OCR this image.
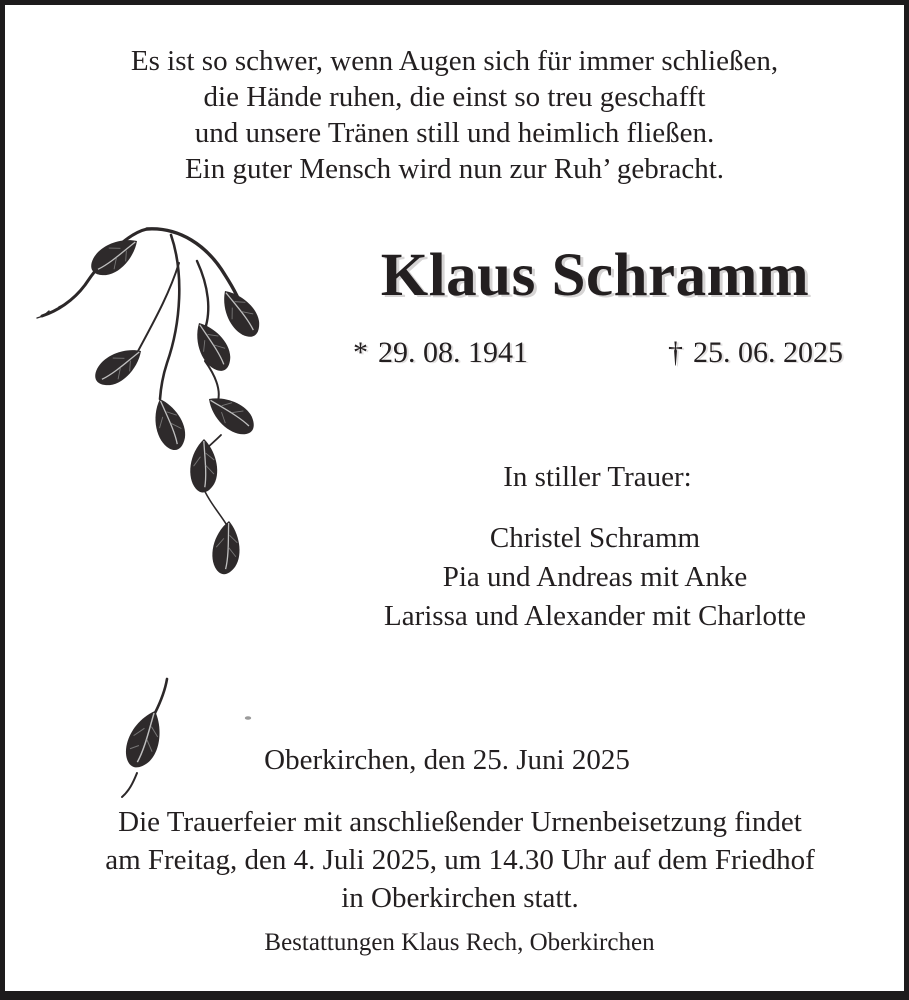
Es ist so schwer, wenn Augen sich für immer schließen,
die Hände ruhen, die einst so treu geschafft
und unsere Tränen still und heimlich fließen.
Ein guter Mensch wird nun zur Ruh’ gebracht.
Klaus Schramm
* 29. 08. 1941	† 25. 06. 2025
In stiller Trauer:
Christel Schramm
Pia und Andreas mit Anke
Larissa und Alexander mit Charlotte
Oberkirchen, den 25. Juni 2025
Die Trauerfeier mit anschließender Urnenbeisetzung findet
am Freitag, den 4. Juli 2025, um 14.30 Uhr auf dem Friedhof
in Oberkirchen statt.
Bestattungen Klaus Rech, Oberkirchen
